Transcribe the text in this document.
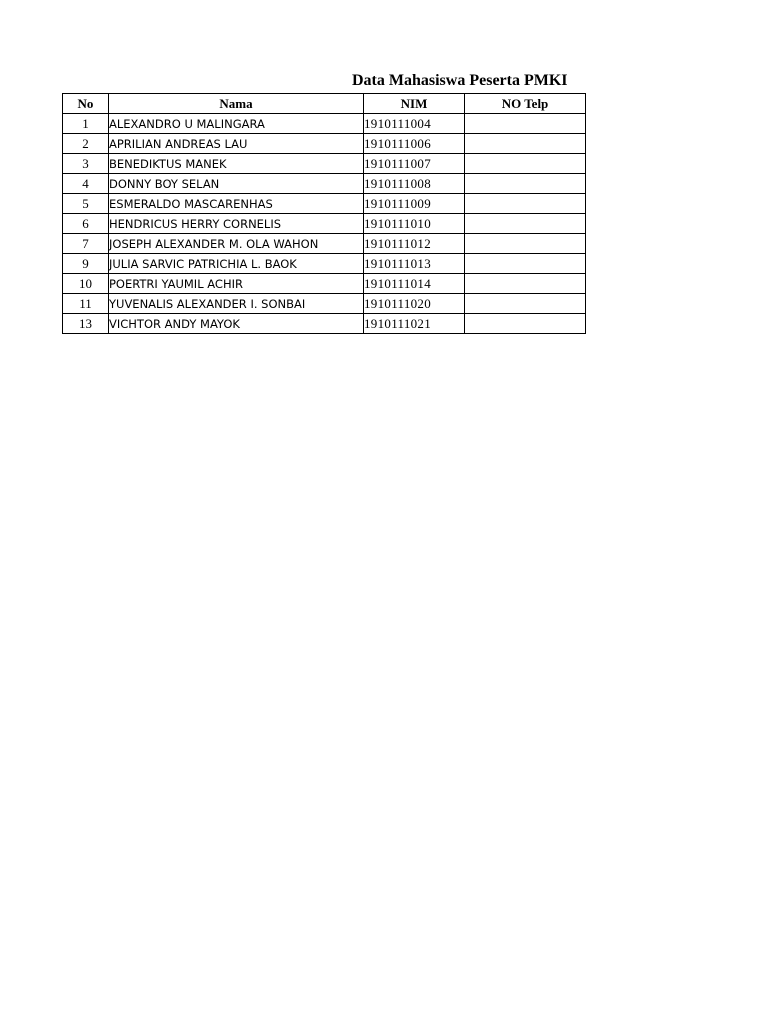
Data Mahasiswa Peserta PMKI
No	Nama	NIM	NO Telp
1	ALEXANDRO U MALINGARA	1910111004	
2	APRILIAN ANDREAS LAU	1910111006	
3	BENEDIKTUS MANEK	1910111007	
4	DONNY BOY SELAN	1910111008	
5	ESMERALDO MASCARENHAS	1910111009	
6	HENDRICUS HERRY CORNELIS	1910111010	
7	JOSEPH ALEXANDER M. OLA WAHON	1910111012	
9	JULIA SARVIC PATRICHIA L. BAOK	1910111013	
10	POERTRI YAUMIL ACHIR	1910111014	
11	YUVENALIS ALEXANDER I. SONBAI	1910111020	
13	VICHTOR ANDY MAYOK	1910111021	
